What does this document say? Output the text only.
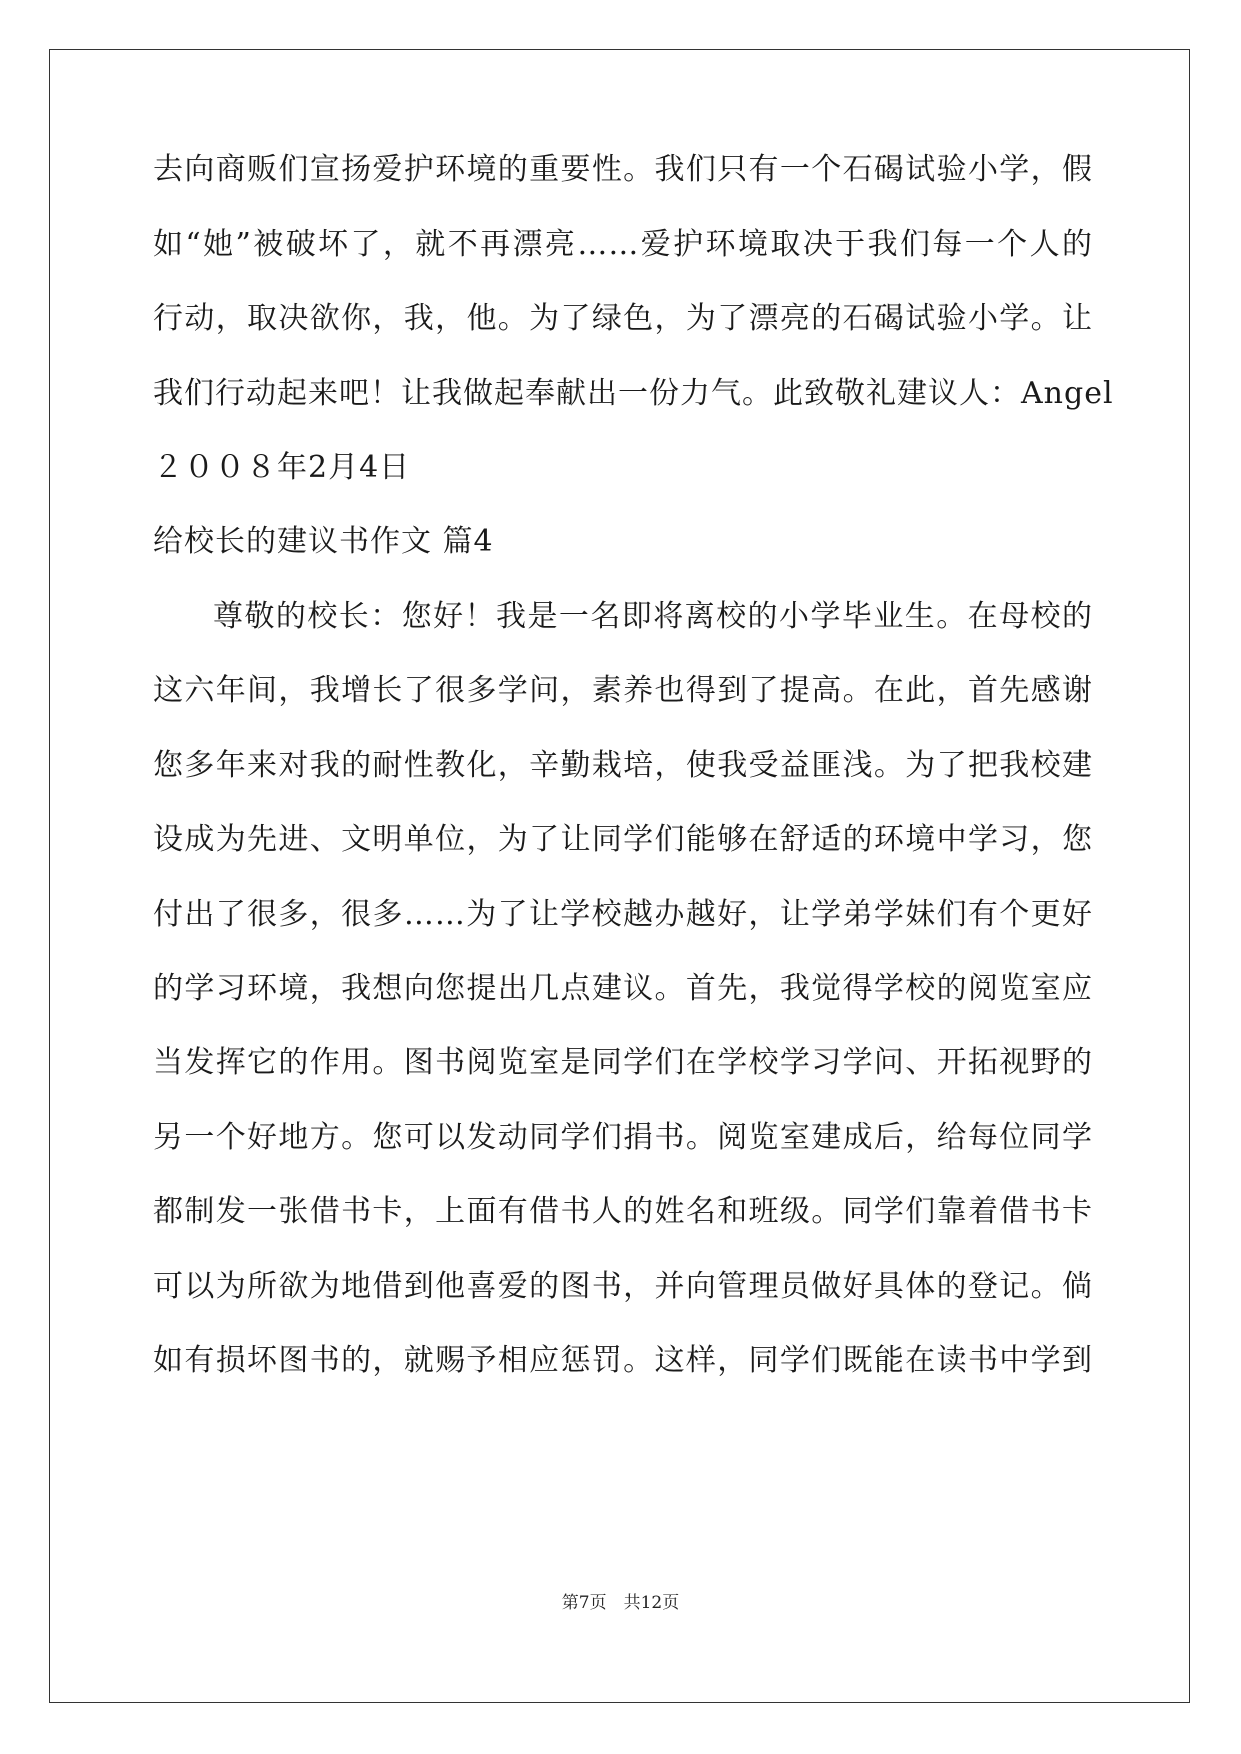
去向商贩们宣扬爱护环境的重要性。我们只有一个石碣试验小学，假
如“她”被破坏了，就不再漂亮……爱护环境取决于我们每一个人的
行动，取决欲你，我，他。为了绿色，为了漂亮的石碣试验小学。让
我们行动起来吧！让我做起奉献出一份力气。此致敬礼建议人：Angel
２００８年2月4日
给校长的建议书作文 篇4
尊敬的校长：您好！我是一名即将离校的小学毕业生。在母校的
这六年间，我增长了很多学问，素养也得到了提高。在此，首先感谢
您多年来对我的耐性教化，辛勤栽培，使我受益匪浅。为了把我校建
设成为先进、文明单位，为了让同学们能够在舒适的环境中学习，您
付出了很多，很多……为了让学校越办越好，让学弟学妹们有个更好
的学习环境，我想向您提出几点建议。首先，我觉得学校的阅览室应
当发挥它的作用。图书阅览室是同学们在学校学习学问、开拓视野的
另一个好地方。您可以发动同学们捐书。阅览室建成后，给每位同学
都制发一张借书卡，上面有借书人的姓名和班级。同学们靠着借书卡
可以为所欲为地借到他喜爱的图书，并向管理员做好具体的登记。倘
如有损坏图书的，就赐予相应惩罚。这样，同学们既能在读书中学到
第7页　共12页
